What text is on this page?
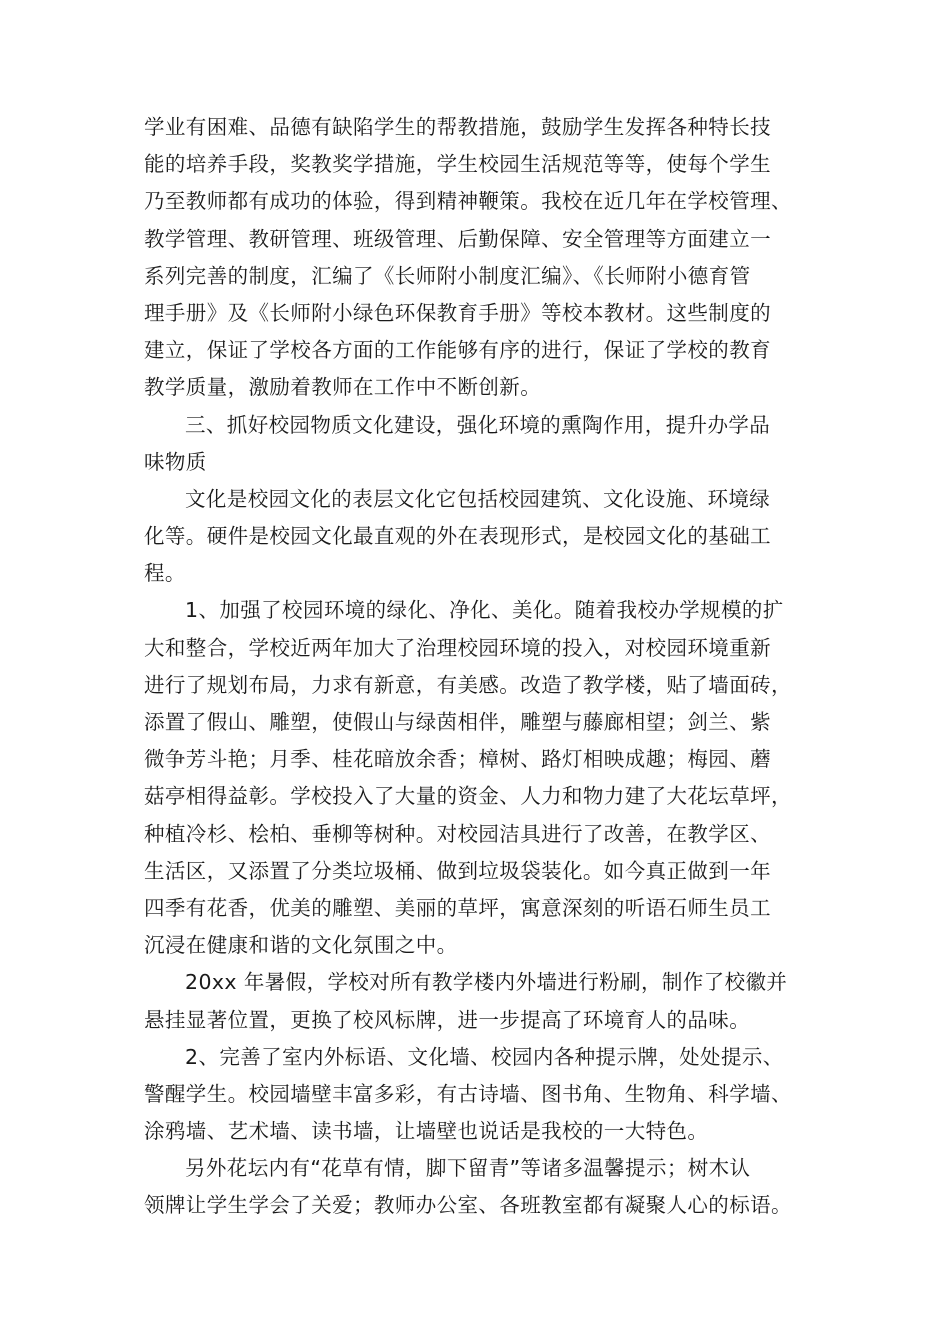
学业有困难、品德有缺陷学生的帮教措施，鼓励学生发挥各种特长技
能的培养手段，奖教奖学措施，学生校园生活规范等等，使每个学生
乃至教师都有成功的体验，得到精神鞭策。我校在近几年在学校管理、
教学管理、教研管理、班级管理、后勤保障、安全管理等方面建立一
系列完善的制度，汇编了《长师附小制度汇编》、《长师附小德育管
理手册》及《长师附小绿色环保教育手册》等校本教材。这些制度的
建立，保证了学校各方面的工作能够有序的进行，保证了学校的教育
教学质量，激励着教师在工作中不断创新。
三、抓好校园物质文化建设，强化环境的熏陶作用，提升办学品
味物质
文化是校园文化的表层文化它包括校园建筑、文化设施、环境绿
化等。硬件是校园文化最直观的外在表现形式，是校园文化的基础工
程。
1、加强了校园环境的绿化、净化、美化。随着我校办学规模的扩
大和整合，学校近两年加大了治理校园环境的投入，对校园环境重新
进行了规划布局，力求有新意，有美感。改造了教学楼，贴了墙面砖，
添置了假山、雕塑，使假山与绿茵相伴，雕塑与藤廊相望；剑兰、紫
微争芳斗艳；月季、桂花暗放余香；樟树、路灯相映成趣；梅园、蘑
菇亭相得益彰。学校投入了大量的资金、人力和物力建了大花坛草坪，
种植冷杉、桧柏、垂柳等树种。对校园洁具进行了改善，在教学区、
生活区，又添置了分类垃圾桶、做到垃圾袋装化。如今真正做到一年
四季有花香，优美的雕塑、美丽的草坪，寓意深刻的听语石师生员工
沉浸在健康和谐的文化氛围之中。
20xx 年暑假，学校对所有教学楼内外墙进行粉刷，制作了校徽并
悬挂显著位置，更换了校风标牌，进一步提高了环境育人的品味。
2、完善了室内外标语、文化墙、校园内各种提示牌，处处提示、
警醒学生。校园墙壁丰富多彩，有古诗墙、图书角、生物角、科学墙、
涂鸦墙、艺术墙、读书墙，让墙壁也说话是我校的一大特色。
另外花坛内有“花草有情，脚下留青”等诸多温馨提示；树木认
领牌让学生学会了关爱；教师办公室、各班教室都有凝聚人心的标语。
